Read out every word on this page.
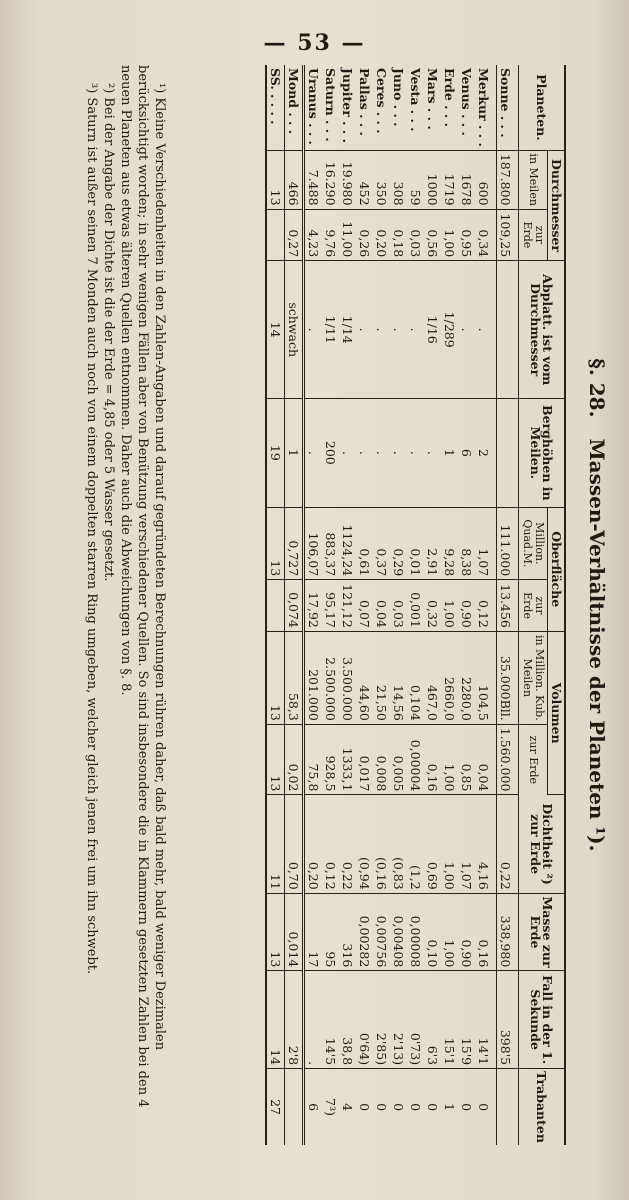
— 53 —
§. 28. Massen-Verhältnisse der Planeten ¹).
Planeten.	Durchmesser		Abplatt. ist vom Durchmesser	Berghöhen in Meilen.	Oberfläche		Volumen		Dichtheit ²) zur Erde	Masse zur Erde	Fall in der 1. Sekunde	Trabanten
	in Meilen	zur Erde			Million. Quad.M.	zur Erde	in Million. Kub. Meilen	zur Erde				
Sonne . . .	187.800	109,25			111.000	13.456	35.000Bll.	1.560.000	0,22	338,980	398'5	
Merkur . . .	600	0,34	.	2	1,07	0,12	104,5	0,04	4,16	0,16	14'1	0
Venus . . .	1678	0,95	.	6	8,38	0,90	2280,0	0,85	1,07	0,90	15'9	0
Erde . . .	1719	1,00	1/289	1	9,28	1,00	2660,0	1,00	1,00	1,00	15'1	1
Mars . . .	1000	0,56	1/16	.	2,91	0,32	467,0	0,16	0,69	0,10	6'3	0
Vesta . . .	59	0,03	.	.	0,01	0,001	0,104	0,00004	(1,2	0,00008	0'73)	0
Juno . . .	308	0,18	.	.	0,29	0,03	14,56	0,005	(0,83	0,00408	2'13)	0
Ceres . . .	350	0,20	.	.	0,37	0,04	21,50	0,008	(0,16	0,00756	2'85)	0
Pallas . . .	452	0,26	.	.	0,61	0,07	44,60	0,017	(0,94	0,00282	0'64)	0
Jupiter . . .	19.980	11,00	1/14	.	1124,24	121,12	3.500.000	1333,1	0,22	316	38,8	4
Saturn . . .	16.290	9,76	1/11	200	883,37	95,17	2.500.000	928,5	0,12	95	14'5	7³)
Uranus . . .	7.488	4,23	.	.	106,07	17,92	201.000	75,8	0,20	17	.	6
Mond . . .	466	0,27	schwach	1	0,727	0,074	58,3	0,02	0,70	0,014	2'8	
SS. . . . .	13		14	19	13		13	13	11	13	14	27

¹) Kleine Verschiedenheiten in den Zahlen-Angaben und darauf gegründeten Berechnungen rühren daher, daß bald mehr, bald weniger Dezimalen berücksichtigt worden; in sehr wenigen Fällen aber von Benützung verschiedener Quellen. So sind insbesondere die in Klammern gesetzten Zahlen bei den 4 neuen Planeten aus etwas älteren Quellen entnommen. Daher auch die Abweichungen von §. 8.

²) Bei der Angabe der Dichte ist die der Erde = 4,85 oder 5 Wasser gesetzt.

³) Saturn ist außer seinen 7 Monden auch noch von einem doppelten starren Ring umgeben, welcher gleich jenen frei um ihn schwebt.
